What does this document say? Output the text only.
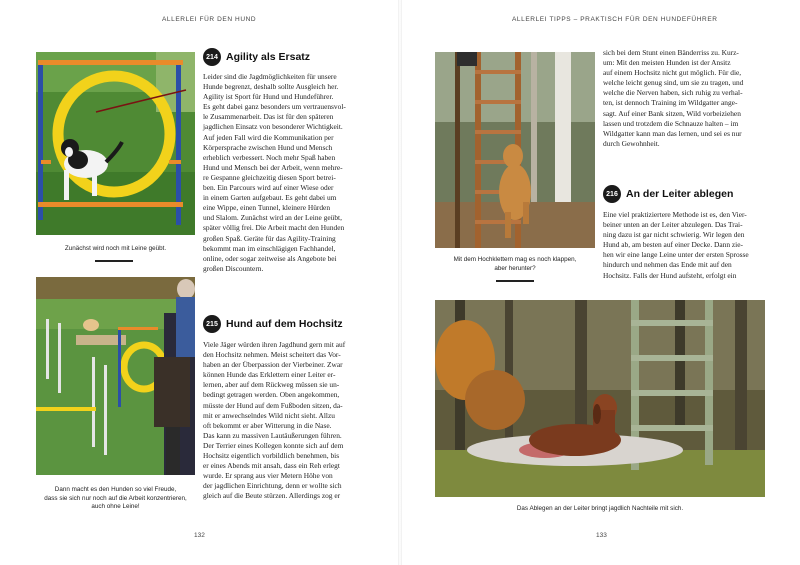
ALLERLEI FÜR DEN HUND
Zunächst wird noch mit Leine geübt.
Dann macht es den Hunden so viel Freude,
dass sie sich nur noch auf die Arbeit konzentrieren,
auch ohne Leine!
214 Agility als Ersatz

Leider sind die Jagdmöglichkeiten für unsere

Hunde begrenzt, deshalb sollte Ausgleich her.

Agility ist Sport für Hund und Hundeführer.

Es geht dabei ganz besonders um vertrauensvol-

le Zusammenarbeit. Das ist für den späteren

jagdlichen Einsatz von besonderer Wichtigkeit.

Auf jeden Fall wird die Kommunikation per

Körpersprache zwischen Hund und Mensch

erheblich verbessert. Noch mehr Spaß haben

Hund und Mensch bei der Arbeit, wenn mehre-

re Gespanne gleichzeitig diesen Sport betrei-

ben. Ein Parcours wird auf einer Wiese oder

in einem Garten aufgebaut. Es geht dabei um

eine Wippe, einen Tunnel, kleinere Hürden

und Slalom. Zunächst wird an der Leine geübt,

später völlig frei. Die Arbeit macht den Hunden

großen Spaß. Geräte für das Agility-Training

bekommt man im einschlägigen Fachhandel,

online, oder sogar zeitweise als Angebote bei

großen Discountern.

215 Hund auf dem Hochsitz

Viele Jäger würden ihren Jagdhund gern mit auf

den Hochsitz nehmen. Meist scheitert das Vor-

haben an der Überpassion der Vierbeiner. Zwar

können Hunde das Erklettern einer Leiter er-

lernen, aber auf dem Rückweg müssen sie un-

bedingt getragen werden. Oben angekommen,

müsste der Hund auf dem Fußboden sitzen, da-

mit er anwechselndes Wild nicht sieht. Allzu

oft bekommt er aber Witterung in die Nase.

Das kann zu massiven Lautäußerungen führen.

Der Terrier eines Kollegen konnte sich auf dem

Hochsitz eigentlich vorbildlich benehmen, bis

er eines Abends mit ansah, dass ein Reh erlegt

wurde. Er sprang aus vier Metern Höhe von

der jagdlichen Einrichtung, denn er wollte sich

gleich auf die Beute stürzen. Allerdings zog er

132
ALLERLEI TIPPS – PRAKTISCH FÜR DEN HUNDEFÜHRER
Mit dem Hochklettern mag es noch klappen,
aber herunter?

sich bei dem Stunt einen Bänderriss zu. Kurz-

um: Mit den meisten Hunden ist der Ansitz

auf einem Hochsitz nicht gut möglich. Für die,

welche leicht genug sind, um sie zu tragen, und

welche die Nerven haben, sich ruhig zu verhal-

ten, ist dennoch Training im Wildgatter ange-

sagt. Auf einer Bank sitzen, Wild vorbeiziehen

lassen und trotzdem die Schnauze halten – im

Wildgatter kann man das lernen, und sei es nur

durch Gewohnheit.

216 An der Leiter ablegen

Eine viel praktiziertere Methode ist es, den Vier-

beiner unten an der Leiter abzulegen. Das Trai-

ning dazu ist gar nicht schwierig. Wir legen den

Hund ab, am besten auf einer Decke. Dann zie-

hen wir eine lange Leine unter der ersten Sprosse

hindurch und nehmen das Ende mit auf den

Hochsitz. Falls der Hund aufsteht, erfolgt ein

Das Ablegen an der Leiter bringt jagdlich Nachteile mit sich.
133
